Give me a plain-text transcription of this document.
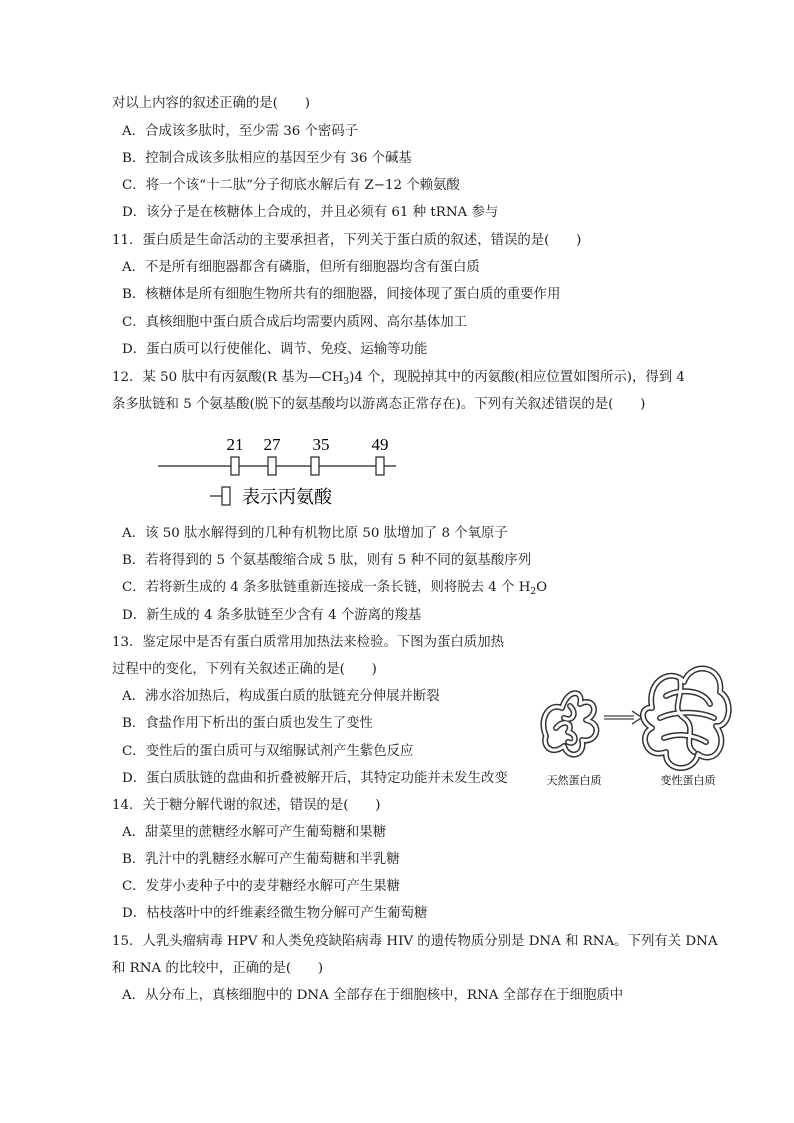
对以上内容的叙述正确的是(　　)
A．合成该多肽时，至少需 36 个密码子
B．控制合成该多肽相应的基因至少有 36 个碱基
C．将一个该“十二肽”分子彻底水解后有 Z−12 个赖氨酸
D．该分子是在核糖体上合成的，并且必须有 61 种 tRNA 参与
11．蛋白质是生命活动的主要承担者，下列关于蛋白质的叙述，错误的是(　　)
A．不是所有细胞器都含有磷脂，但所有细胞器均含有蛋白质
B．核糖体是所有细胞生物所共有的细胞器，间接体现了蛋白质的重要作用
C．真核细胞中蛋白质合成后均需要内质网、高尔基体加工
D．蛋白质可以行使催化、调节、免疫、运输等功能
12．某 50 肽中有丙氨酸(R 基为$—CH_3)4$ 个，现脱掉其中的丙氨酸(相应位置如图所示)，得到 4
条多肽链和 5 个氨基酸(脱下的氨基酸均以游离态正常存在)。下列有关叙述错误的是(　　)
21 27 35 49
表示丙氨酸
A．该 50 肽水解得到的几种有机物比原 50 肽增加了 8 个氧原子
B．若将得到的 5 个氨基酸缩合成 5 肽，则有 5 种不同的氨基酸序列
C．若将新生成的 4 条多肽链重新连接成一条长链，则将脱去 4 个 $H_2O$
D．新生成的 4 条多肽链至少含有 4 个游离的羧基
13．鉴定尿中是否有蛋白质常用加热法来检验。下图为蛋白质加热
过程中的变化，下列有关叙述正确的是(　　)
A．沸水浴加热后，构成蛋白质的肽链充分伸展并断裂
B．食盐作用下析出的蛋白质也发生了变性
C．变性后的蛋白质可与双缩脲试剂产生紫色反应
D．蛋白质肽链的盘曲和折叠被解开后，其特定功能并未发生改变	天然蛋白质	变性蛋白质
14．关于糖分解代谢的叙述，错误的是(　　)
A．甜菜里的蔗糖经水解可产生葡萄糖和果糖
B．乳汁中的乳糖经水解可产生葡萄糖和半乳糖
C．发芽小麦种子中的麦芽糖经水解可产生果糖
D．枯枝落叶中的纤维素经微生物分解可产生葡萄糖
15．人乳头瘤病毒 HPV 和人类免疫缺陷病毒 HIV 的遗传物质分别是 DNA 和 RNA。下列有关 DNA
和 RNA 的比较中，正确的是(　　)
A．从分布上，真核细胞中的 DNA 全部存在于细胞核中，RNA 全部存在于细胞质中
